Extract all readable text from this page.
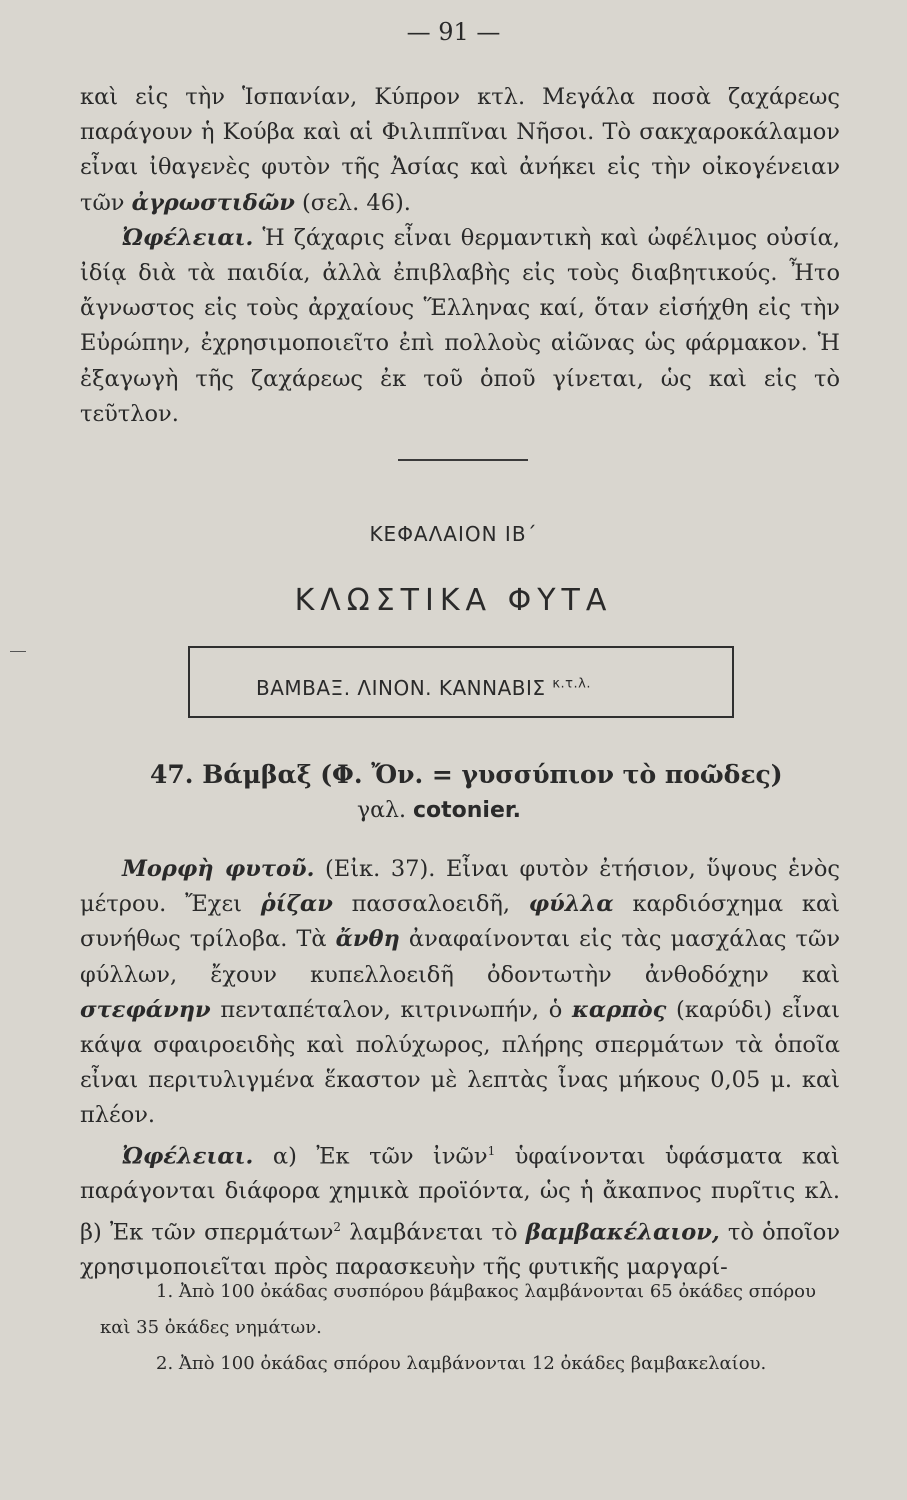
— 91 —

καὶ εἰς τὴν Ἱσπανίαν, Κύπρον κτλ. Μεγάλα ποσὰ ζαχάρεως παράγουν ἡ Κούβα καὶ αἱ Φιλιππῖναι Νῆσοι. Τὸ σακχαροκάλαμον εἶναι ἰθαγενὲς φυτὸν τῆς Ἀσίας καὶ ἀνήκει εἰς τὴν οἰκογένειαν τῶν ἀγρωστιδῶν (σελ. 46).
Ὠφέλειαι. Ἡ ζάχαρις εἶναι θερμαντικὴ καὶ ὠφέλιμος οὐσία, ἰδίᾳ διὰ τὰ παιδία, ἀλλὰ ἐπιβλαβὴς εἰς τοὺς διαβητικούς. Ἦτο ἄγνωστος εἰς τοὺς ἀρχαίους Ἕλληνας καί, ὅταν εἰσήχθη εἰς τὴν Εὐρώπην, ἐχρησιμοποιεῖτο ἐπὶ πολλοὺς αἰῶνας ὡς φάρμακον. Ἡ ἐξαγωγὴ τῆς ζαχάρεως ἐκ τοῦ ὁποῦ γίνεται, ὡς καὶ εἰς τὸ τεῦτλον.

ΚΕΦΑΛΑΙΟΝ ΙΒ΄
ΚΛΩΣΤΙΚΑ ΦΥΤΑ
ΒΑΜΒΑΞ. ΛΙΝΟΝ. ΚΑΝΝΑΒΙΣ $^{\kappa.\tau.\lambda.}$
47. Βάμβαξ (Φ. Ὄν. = γυσσύπιον τὸ ποῶδες)
γαλ. cotonier.

Μορφὴ φυτοῦ. (Εἰκ. 37). Εἶναι φυτὸν ἐτήσιον, ὕψους ἑνὸς μέτρου. Ἔχει ῥίζαν πασσαλοειδῆ, φύλλα καρδιόσχημα καὶ συνήθως τρίλοβα. Τὰ ἄνθη ἀναφαίνονται εἰς τὰς μασχάλας τῶν φύλλων, ἔχουν κυπελλοειδῆ ὀδοντωτὴν ἀνθοδόχην καὶ στεφάνην πενταπέταλον, κιτρινωπήν, ὁ καρπὸς (καρύδι) εἶναι κάψα σφαιροειδὴς καὶ πολύχωρος, πλήρης σπερμάτων τὰ ὁποῖα εἶναι περιτυλιγμένα ἕκαστον μὲ λεπτὰς ἶνας μήκους 0,05 μ. καὶ πλέον.
Ὠφέλειαι. α) Ἐκ τῶν ἰνῶν$^1$ ὑφαίνονται ὑφάσματα καὶ παράγονται διάφορα χημικὰ προϊόντα, ὡς ἡ ἄκαπνος πυρῖτις κλ. β) Ἐκ τῶν σπερμάτων$^2$ λαμβάνεται τὸ βαμβακέλαιον, τὸ ὁποῖον χρησιμοποιεῖται πρὸς παρασκευὴν τῆς φυτικῆς μαργαρί-

1. Ἀπὸ 100 ὀκάδας συσπόρου βάμβακος λαμβάνονται 65 ὀκάδες σπόρου καὶ 35 ὀκάδες νημάτων.
2. Ἀπὸ 100 ὀκάδας σπόρου λαμβάνονται 12 ὀκάδες βαμβακελαίου.
